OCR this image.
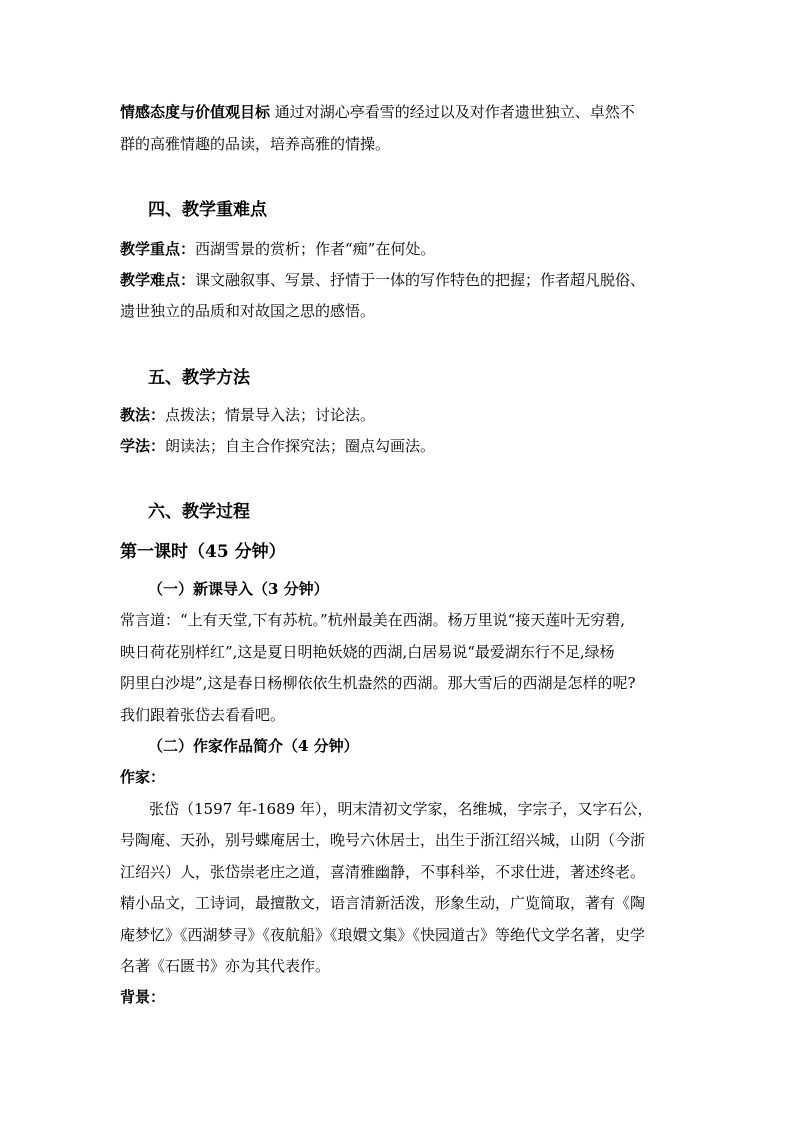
情感态度与价值观目标 通过对湖心亭看雪的经过以及对作者遗世独立、卓然不
群的高雅情趣的品读，培养高雅的情操。
四、教学重难点
教学重点：西湖雪景的赏析；作者“痴”在何处。
教学难点：课文融叙事、写景、抒情于一体的写作特色的把握；作者超凡脱俗、
遗世独立的品质和对故国之思的感悟。
五、教学方法
教法：点拨法；情景导入法；讨论法。
学法：朗读法；自主合作探究法；圈点勾画法。
六、教学过程
第一课时（45 分钟）
（一）新课导入（3 分钟）
常言道：“上有天堂,下有苏杭。”杭州最美在西湖。杨万里说“接天莲叶无穷碧,
映日荷花别样红”,这是夏日明艳妖娆的西湖,白居易说“最爱湖东行不足,绿杨
阴里白沙堤”,这是春日杨柳依依生机盎然的西湖。那大雪后的西湖是怎样的呢?
我们跟着张岱去看看吧。
（二）作家作品简介（4 分钟）
作家：
张岱（1597 年-1689 年），明末清初文学家，名维城，字宗子，又字石公，
号陶庵、天孙，别号蝶庵居士，晚号六休居士，出生于浙江绍兴城，山阴（今浙
江绍兴）人，张岱崇老庄之道，喜清雅幽静，不事科举，不求仕进，著述终老。
精小品文，工诗词，最擅散文，语言清新活泼，形象生动，广览简取，著有《陶
庵梦忆》《西湖梦寻》《夜航船》《琅嬛文集》《快园道古》等绝代文学名著，史学
名著《石匮书》亦为其代表作。
背景：
